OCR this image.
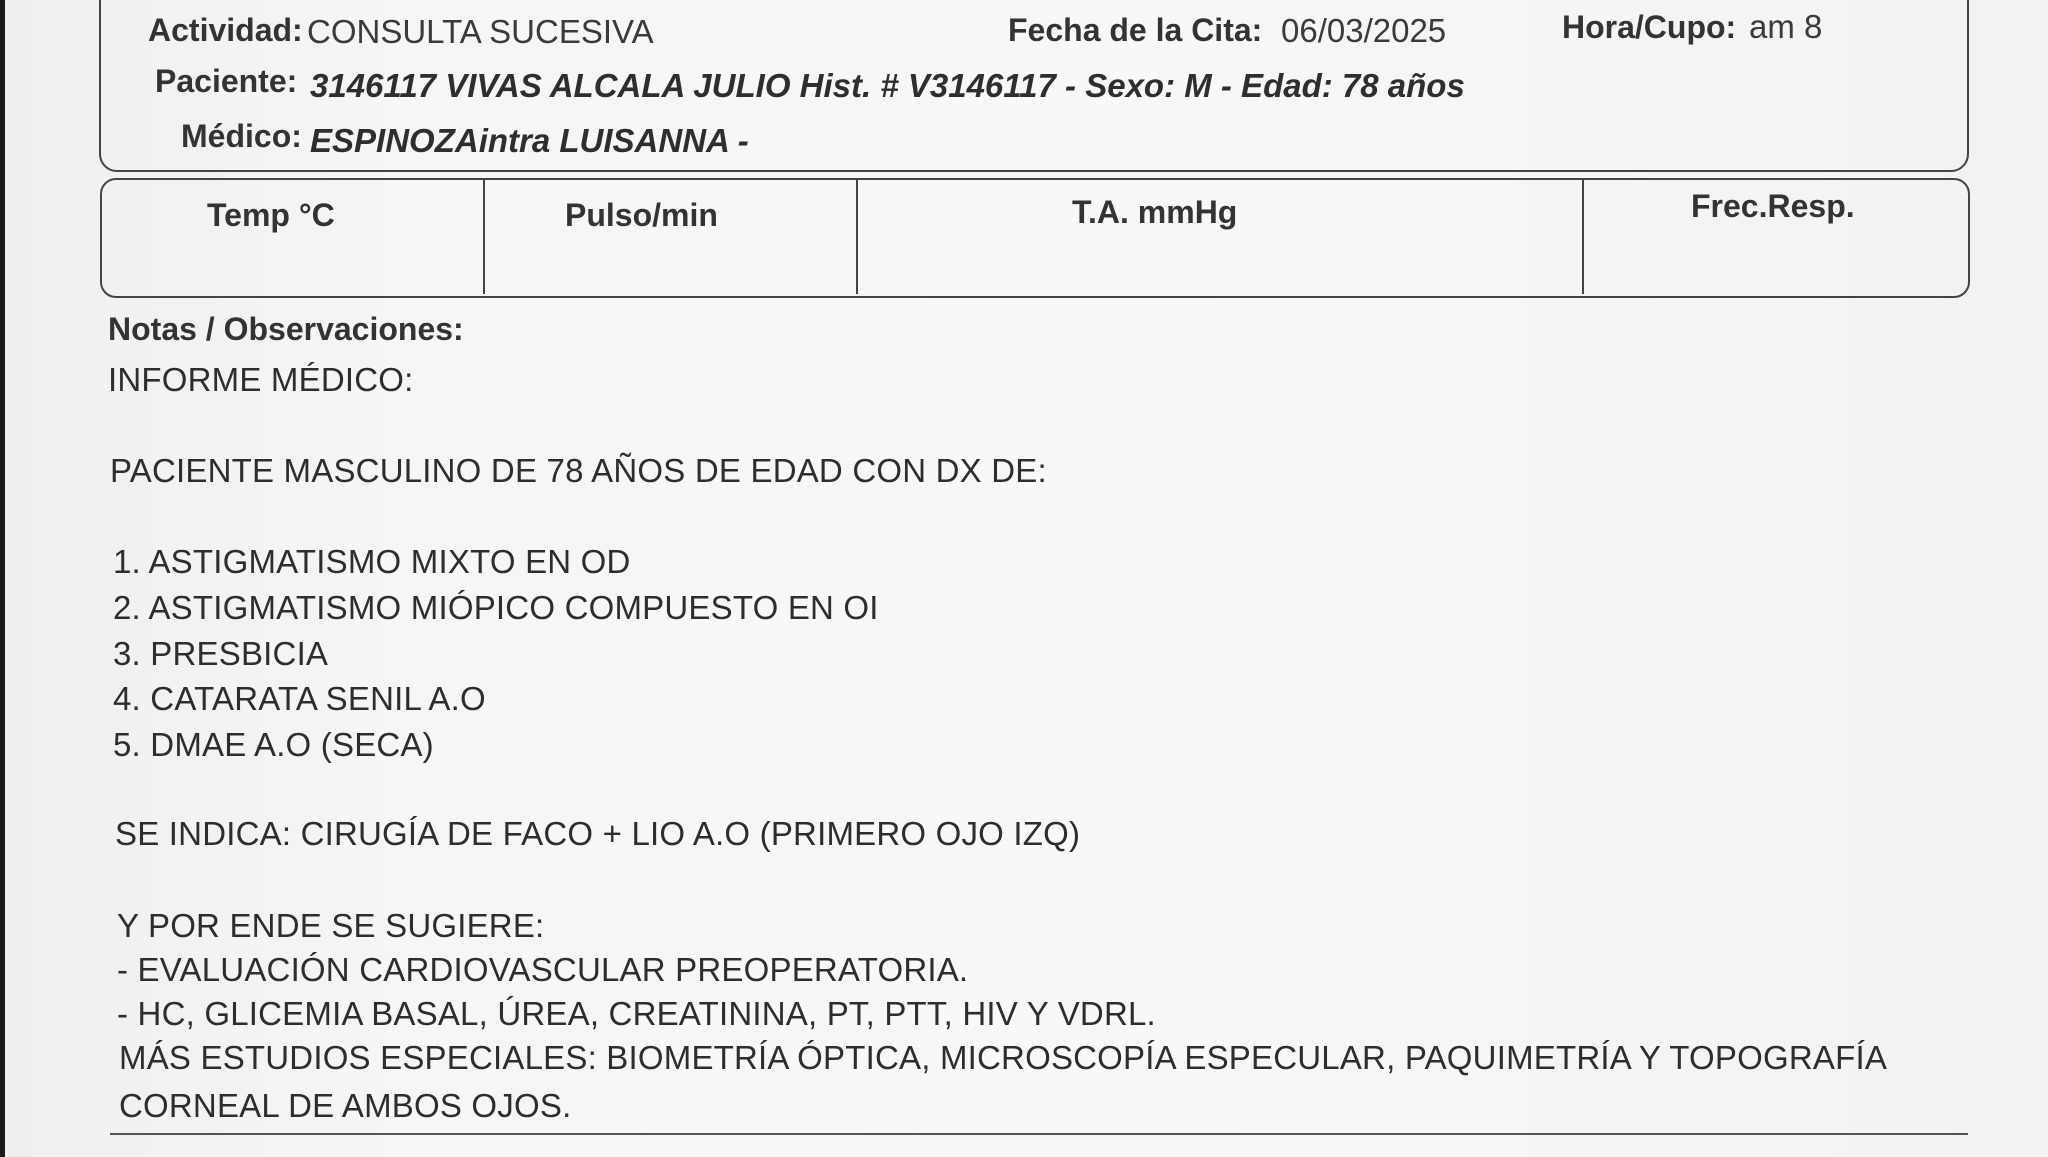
Actividad: CONSULTA SUCESIVA	Fecha de la Cita: 06/03/2025	Hora/Cupo: am 8
Paciente: 3146117 VIVAS ALCALA JULIO Hist. # V3146117 - Sexo: M - Edad: 78 años
Médico: ESPINOZAintra LUISANNA -
Temp °C	Pulso/min	T.A. mmHg	Frec.Resp.
Notas / Observaciones:
INFORME MÉDICO:
PACIENTE MASCULINO DE 78 AÑOS DE EDAD CON DX DE:
1. ASTIGMATISMO MIXTO EN OD
2. ASTIGMATISMO MIÓPICO COMPUESTO EN OI
3. PRESBICIA
4. CATARATA SENIL A.O
5. DMAE A.O (SECA)
SE INDICA: CIRUGÍA DE FACO + LIO A.O (PRIMERO OJO IZQ)
Y POR ENDE SE SUGIERE:
- EVALUACIÓN CARDIOVASCULAR PREOPERATORIA.
- HC, GLICEMIA BASAL, ÚREA, CREATININA, PT, PTT, HIV Y VDRL.
MÁS ESTUDIOS ESPECIALES: BIOMETRÍA ÓPTICA, MICROSCOPÍA ESPECULAR, PAQUIMETRÍA Y TOPOGRAFÍA
CORNEAL DE AMBOS OJOS.
